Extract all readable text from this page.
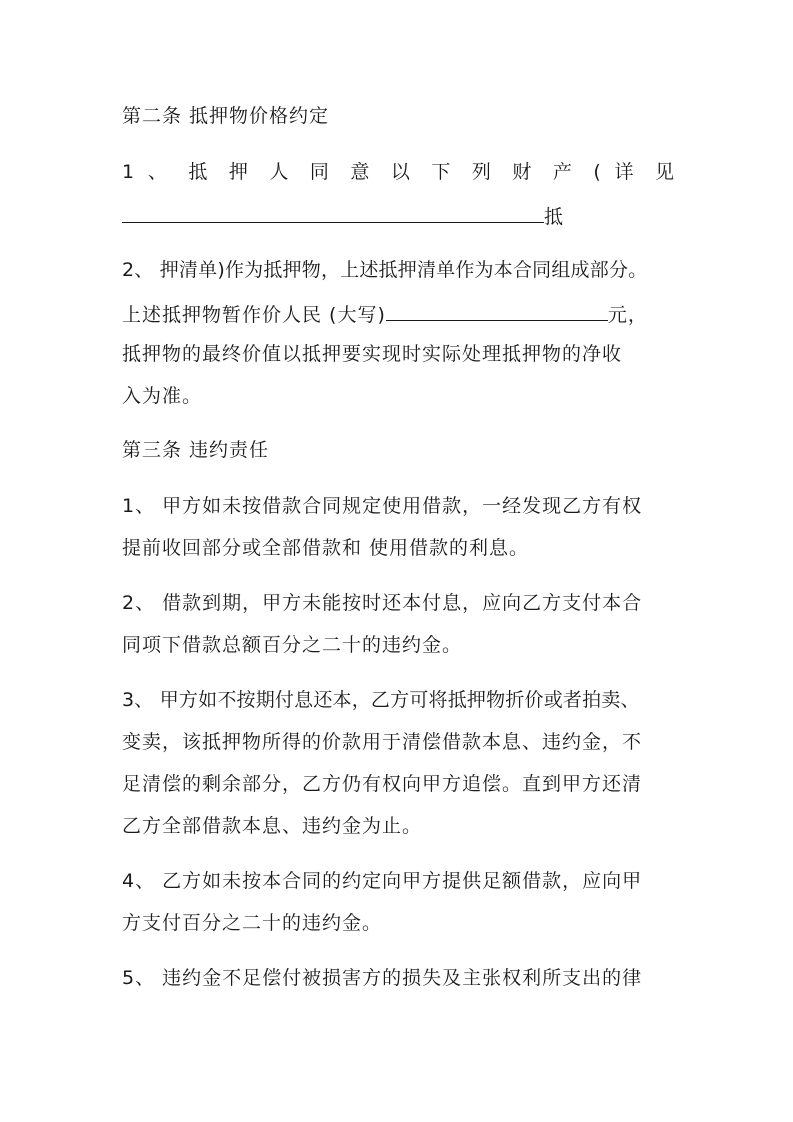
第二条 抵押物价格约定
1 、 抵 押 人 同 意 以 下 列 财 产 ( 详 见
抵
2、 押清单)作为抵押物，上述抵押清单作为本合同组成部分。
上述抵押物暂作价人民 (大写)	元，
抵押物的最终价值以抵押要实现时实际处理抵押物的净收
入为准。
第三条 违约责任
1、 甲方如未按借款合同规定使用借款，一经发现乙方有权
提前收回部分或全部借款和 使用借款的利息。
2、 借款到期，甲方未能按时还本付息，应向乙方支付本合
同项下借款总额百分之二十的违约金。
3、 甲方如不按期付息还本，乙方可将抵押物折价或者拍卖、
变卖，该抵押物所得的价款用于清偿借款本息、违约金，不
足清偿的剩余部分，乙方仍有权向甲方追偿。直到甲方还清
乙方全部借款本息、违约金为止。
4、 乙方如未按本合同的约定向甲方提供足额借款，应向甲
方支付百分之二十的违约金。
5、 违约金不足偿付被损害方的损失及主张权利所支出的律
